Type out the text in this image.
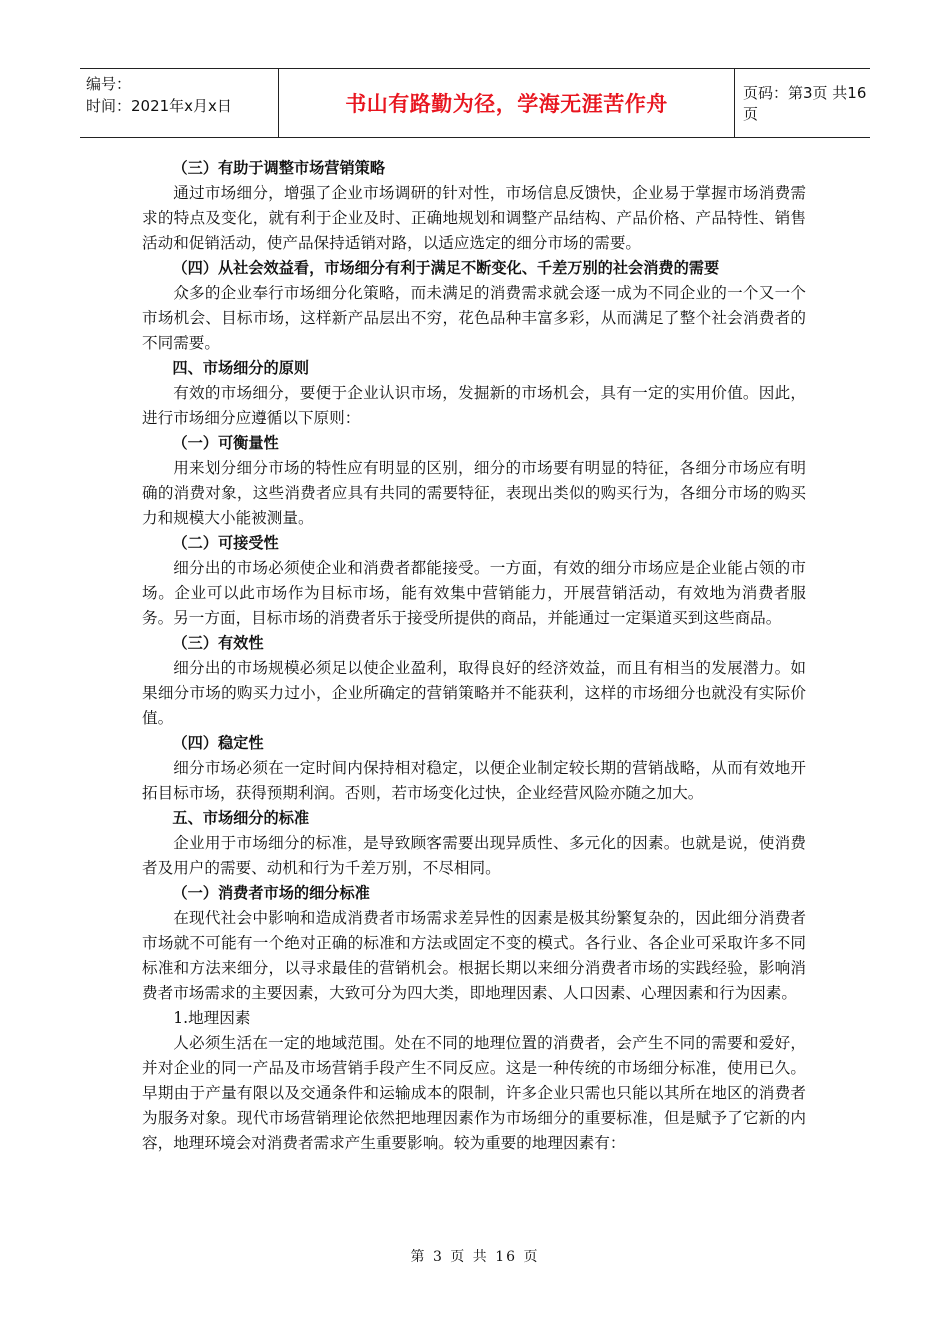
编号：
时间：2021年x月x日	书山有路勤为径，学海无涯苦作舟	页码：第3页 共16页

（三）有助于调整市场营销策略

通过市场细分，增强了企业市场调研的针对性，市场信息反馈快，企业易于掌握市场消费需求的特点及变化，就有利于企业及时、正确地规划和调整产品结构、产品价格、产品特性、销售活动和促销活动，使产品保持适销对路，以适应选定的细分市场的需要。

（四）从社会效益看，市场细分有利于满足不断变化、千差万别的社会消费的需要

众多的企业奉行市场细分化策略，而未满足的消费需求就会逐一成为不同企业的一个又一个市场机会、目标市场，这样新产品层出不穷，花色品种丰富多彩，从而满足了整个社会消费者的不同需要。

四、市场细分的原则

有效的市场细分，要便于企业认识市场，发掘新的市场机会，具有一定的实用价值。因此，进行市场细分应遵循以下原则：

（一）可衡量性

用来划分细分市场的特性应有明显的区别，细分的市场要有明显的特征，各细分市场应有明确的消费对象，这些消费者应具有共同的需要特征，表现出类似的购买行为，各细分市场的购买力和规模大小能被测量。

（二）可接受性

细分出的市场必须使企业和消费者都能接受。一方面，有效的细分市场应是企业能占领的市场。企业可以此市场作为目标市场，能有效集中营销能力，开展营销活动，有效地为消费者服务。另一方面，目标市场的消费者乐于接受所提供的商品，并能通过一定渠道买到这些商品。

（三）有效性

细分出的市场规模必须足以使企业盈利，取得良好的经济效益，而且有相当的发展潜力。如果细分市场的购买力过小，企业所确定的营销策略并不能获利，这样的市场细分也就没有实际价值。

（四）稳定性

细分市场必须在一定时间内保持相对稳定，以便企业制定较长期的营销战略，从而有效地开拓目标市场，获得预期利润。否则，若市场变化过快，企业经营风险亦随之加大。

五、市场细分的标准

企业用于市场细分的标准，是导致顾客需要出现异质性、多元化的因素。也就是说，使消费者及用户的需要、动机和行为千差万别，不尽相同。

（一）消费者市场的细分标准

在现代社会中影响和造成消费者市场需求差异性的因素是极其纷繁复杂的，因此细分消费者市场就不可能有一个绝对正确的标准和方法或固定不变的模式。各行业、各企业可采取许多不同标准和方法来细分，以寻求最佳的营销机会。根据长期以来细分消费者市场的实践经验，影响消费者市场需求的主要因素，大致可分为四大类，即地理因素、人口因素、心理因素和行为因素。

1.地理因素

人必须生活在一定的地域范围。处在不同的地理位置的消费者，会产生不同的需要和爱好，并对企业的同一产品及市场营销手段产生不同反应。这是一种传统的市场细分标准，使用已久。早期由于产量有限以及交通条件和运输成本的限制，许多企业只需也只能以其所在地区的消费者为服务对象。现代市场营销理论依然把地理因素作为市场细分的重要标准，但是赋予了它新的内容，地理环境会对消费者需求产生重要影响。较为重要的地理因素有：

第 3 页 共 16 页
